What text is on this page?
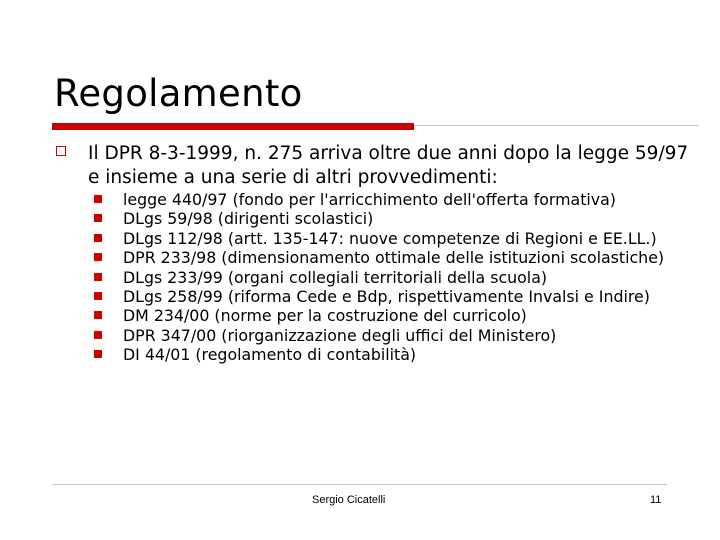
Regolamento
Il DPR 8-3-1999, n. 275 arriva oltre due anni dopo la legge 59/97 e insieme a una serie di altri provvedimenti:
legge 440/97 (fondo per l'arricchimento dell'offerta formativa)
DLgs 59/98 (dirigenti scolastici)
DLgs 112/98 (artt. 135-147: nuove competenze di Regioni e EE.LL.)
DPR 233/98 (dimensionamento ottimale delle istituzioni scolastiche)
DLgs 233/99 (organi collegiali territoriali della scuola)
DLgs 258/99 (riforma Cede e Bdp, rispettivamente Invalsi e Indire)
DM 234/00 (norme per la costruzione del curricolo)
DPR 347/00 (riorganizzazione degli uffici del Ministero)
DI 44/01 (regolamento di contabilità)
Sergio Cicatelli	11
